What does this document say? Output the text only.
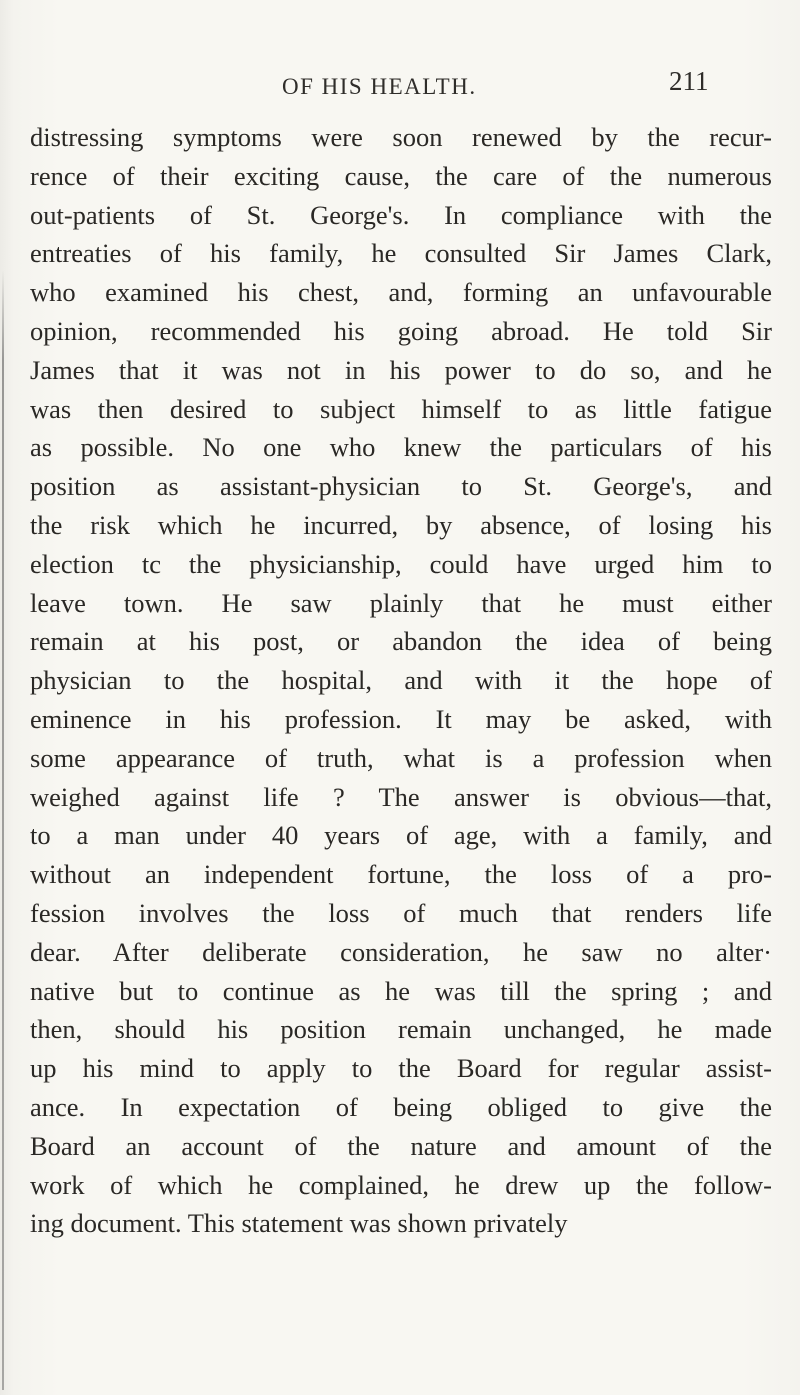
OF HIS HEALTH.	211
distressing symptoms were soon renewed by the recur-
rence of their exciting cause, the care of the numerous
out-patients of St. George's. In compliance with the
entreaties of his family, he consulted Sir James Clark,
who examined his chest, and, forming an unfavourable
opinion, recommended his going abroad. He told Sir
James that it was not in his power to do so, and he
was then desired to subject himself to as little fatigue
as possible. No one who knew the particulars of his
position as assistant-physician to St. George's, and
the risk which he incurred, by absence, of losing his
election tc the physicianship, could have urged him to
leave town. He saw plainly that he must either
remain at his post, or abandon the idea of being
physician to the hospital, and with it the hope of
eminence in his profession. It may be asked, with
some appearance of truth, what is a profession when
weighed against life ? The answer is obvious—that,
to a man under 40 years of age, with a family, and
without an independent fortune, the loss of a pro-
fession involves the loss of much that renders life
dear. After deliberate consideration, he saw no alter·
native but to continue as he was till the spring ; and
then, should his position remain unchanged, he made
up his mind to apply to the Board for regular assist-
ance. In expectation of being obliged to give the
Board an account of the nature and amount of the
work of which he complained, he drew up the follow-
ing document. This statement was shown privately
